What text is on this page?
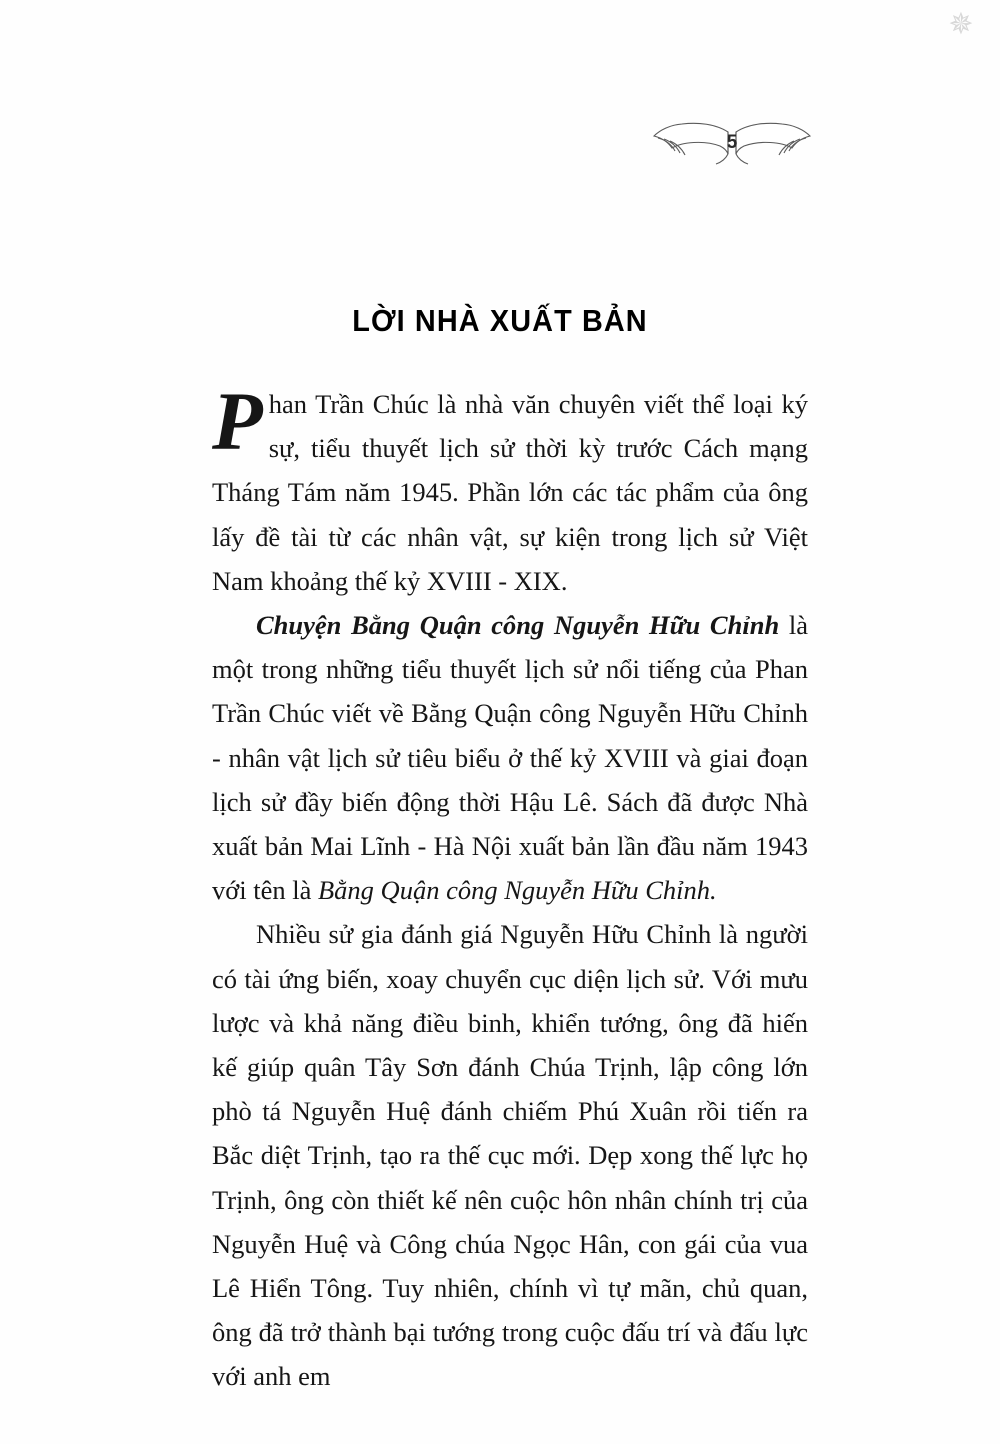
✵
5
LỜI NHÀ XUẤT BẢN

Phan Trần Chúc là nhà văn chuyên viết thể loại ký sự, tiểu thuyết lịch sử thời kỳ trước Cách mạng Tháng Tám năm 1945. Phần lớn các tác phẩm của ông lấy đề tài từ các nhân vật, sự kiện trong lịch sử Việt Nam khoảng thế kỷ XVIII - XIX.

Chuyện Bằng Quận công Nguyễn Hữu Chỉnh là một trong những tiểu thuyết lịch sử nổi tiếng của Phan Trần Chúc viết về Bằng Quận công Nguyễn Hữu Chỉnh - nhân vật lịch sử tiêu biểu ở thế kỷ XVIII và giai đoạn lịch sử đầy biến động thời Hậu Lê. Sách đã được Nhà xuất bản Mai Lĩnh - Hà Nội xuất bản lần đầu năm 1943 với tên là Bằng Quận công Nguyễn Hữu Chỉnh.

Nhiều sử gia đánh giá Nguyễn Hữu Chỉnh là người có tài ứng biến, xoay chuyển cục diện lịch sử. Với mưu lược và khả năng điều binh, khiển tướng, ông đã hiến kế giúp quân Tây Sơn đánh Chúa Trịnh, lập công lớn phò tá Nguyễn Huệ đánh chiếm Phú Xuân rồi tiến ra Bắc diệt Trịnh, tạo ra thế cục mới. Dẹp xong thế lực họ Trịnh, ông còn thiết kế nên cuộc hôn nhân chính trị của Nguyễn Huệ và Công chúa Ngọc Hân, con gái của vua Lê Hiển Tông. Tuy nhiên, chính vì tự mãn, chủ quan, ông đã trở thành bại tướng trong cuộc đấu trí và đấu lực với anh em
